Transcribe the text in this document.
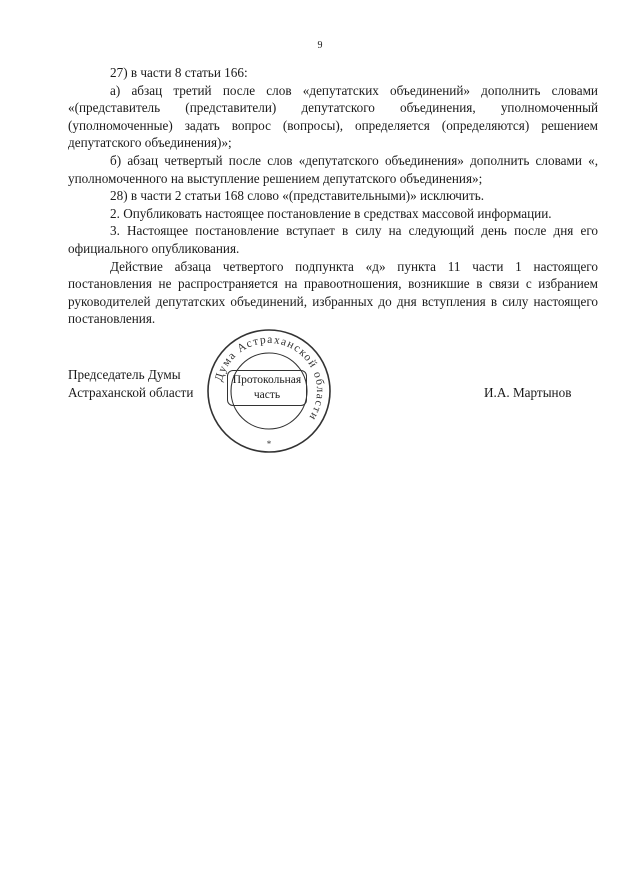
9

27) в части 8 статьи 166:

а) абзац третий после слов «депутатских объединений» дополнить словами «(представитель (представители) депутатского объединения, уполномоченный (уполномоченные) задать вопрос (вопросы), определяется (определяются) решением депутатского объединения)»;

б) абзац четвертый после слов «депутатского объединения» дополнить словами «, уполномоченного на выступление решением депутатского объединения»;

28) в части 2 статьи 168 слово «(представительными)» исключить.

2. Опубликовать настоящее постановление в средствах массовой информации.

3. Настоящее постановление вступает в силу на следующий день после дня его официального опубликования.

Действие абзаца четвертого подпункта «д» пункта 11 части 1 настоящего постановления не распространяется на правоотношения, возникшие в связи с избранием руководителей депутатских объединений, избранных до дня вступления в силу настоящего постановления.

Председатель Думы
Астраханской области	И.А. Мартынов
Дума Астраханской области
*
Протокольная
часть
